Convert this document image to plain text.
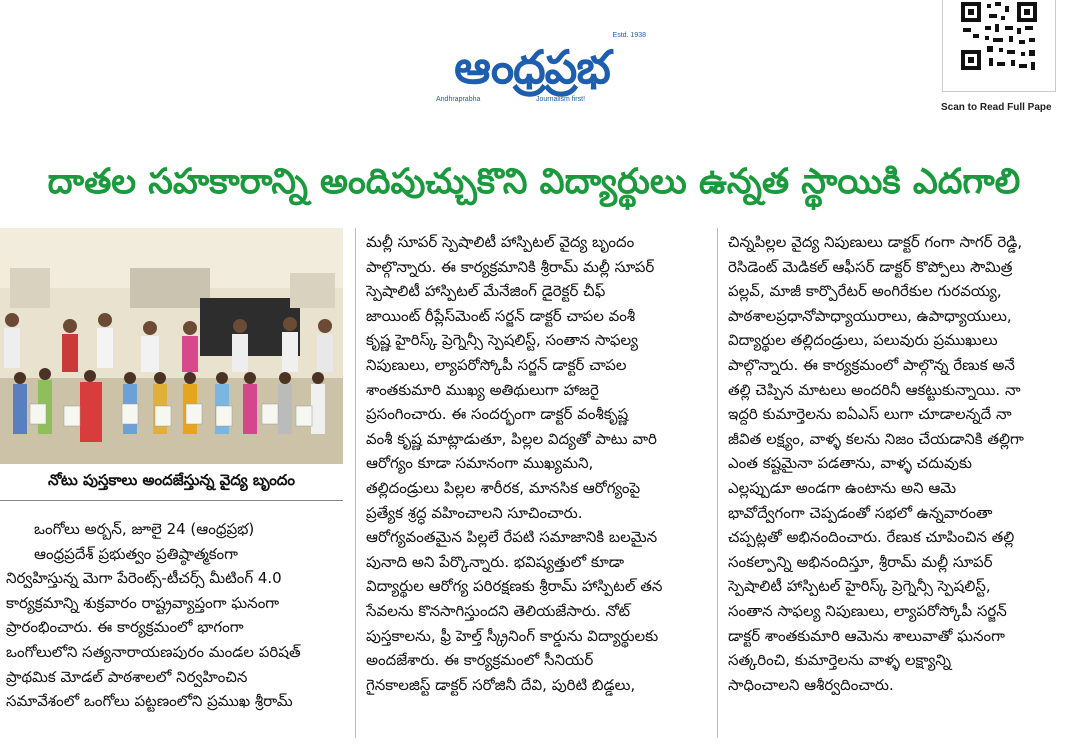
Estd. 1938
ఆంధ్రప్రభ
Andhraprabha	Journalism first!
Scan to Read Full Pape
దాతల సహకారాన్ని అందిపుచ్చుకొని విద్యార్థులు ఉన్నత స్థాయికి ఎదగాలి
నోటు పుస్తకాలు అందజేస్తున్న వైద్య బృందం
ఒంగోలు అర్బన్, జూలై 24 (ఆంధ్రప్రభ)
ఆంధ్రప్రదేశ్ ప్రభుత్వం ప్రతిష్ఠాత్మకంగా
నిర్వహిస్తున్న మెగా పేరెంట్స్-టీచర్స్ మీటింగ్ 4.0
కార్యక్రమాన్ని శుక్రవారం రాష్ట్రవ్యాప్తంగా ఘనంగా
ప్రారంభించారు. ఈ కార్యక్రమంలో భాగంగా
ఒంగోలులోని సత్యనారాయణపురం మండల పరిషత్
ప్రాథమిక మోడల్ పాఠశాలలో నిర్వహించిన
సమావేశంలో ఒంగోలు పట్టణంలోని ప్రముఖ శ్రీరామ్
మల్లీ సూపర్ స్పెషాలిటీ హాస్పిటల్ వైద్య బృందం
పాల్గొన్నారు. ఈ కార్యక్రమానికి శ్రీరామ్ మల్లీ సూపర్
స్పెషాలిటీ హాస్పిటల్ మేనేజింగ్ డైరెక్టర్ చీఫ్
జాయింట్ రీప్లేస్‌మెంట్ సర్జన్ డాక్టర్ చాపల వంశీ
కృష్ణ హైరిస్క్ ప్రెగ్నెన్సీ స్పెషలిస్ట్, సంతాన సాఫల్య
నిపుణులు, ల్యాపరోస్కోపీ సర్జన్ డాక్టర్ చాపల
శాంతకుమారి ముఖ్య అతిథులుగా హాజరై
ప్రసంగించారు. ఈ సందర్భంగా డాక్టర్ వంశీకృష్ణ
వంశీ కృష్ణ మాట్లాడుతూ, పిల్లల విద్యతో పాటు వారి
ఆరోగ్యం కూడా సమానంగా ముఖ్యమని,
తల్లిదండ్రులు పిల్లల శారీరక, మానసిక ఆరోగ్యంపై
ప్రత్యేక శ్రద్ధ వహించాలని సూచించారు.
ఆరోగ్యవంతమైన పిల్లలే రేపటి సమాజానికి బలమైన
పునాది అని పేర్కొన్నారు. భవిష్యత్తులో కూడా
విద్యార్థుల ఆరోగ్య పరిరక్షణకు శ్రీరామ్ హాస్పిటల్ తన
సేవలను కొనసాగిస్తుందని తెలియజేసారు. నోట్
పుస్తకాలను, ఫ్రీ హెల్త్ స్క్రీనింగ్ కార్డును విద్యార్థులకు
అందజేశారు. ఈ కార్యక్రమంలో సీనియర్
గైనకాలజిస్ట్ డాక్టర్ సరోజినీ దేవి, పురిటి బిడ్డలు,
చిన్నపిల్లల వైద్య నిపుణులు డాక్టర్ గంగా సాగర్ రెడ్డి,
రెసిడెంట్ మెడికల్ ఆఫీసర్ డాక్టర్ కొప్పోలు సౌమిత్ర
పల్లవ్, మాజీ కార్పొరేటర్ అంగిరేకుల గురవయ్య,
పాఠశాలప్రధానోపాధ్యాయురాలు, ఉపాధ్యాయులు,
విద్యార్థుల తల్లిదండ్రులు, పలువురు ప్రముఖులు
పాల్గొన్నారు. ఈ కార్యక్రమంలో పాల్గొన్న రేణుక అనే
తల్లి చెప్పిన మాటలు అందరినీ ఆకట్టుకున్నాయి. నా
ఇద్దరి కుమార్తెలను ఐఏఎస్ లుగా చూడాలన్నదే నా
జీవిత లక్ష్యం, వాళ్ళ కలను నిజం చేయడానికి తల్లిగా
ఎంత కష్టమైనా పడతాను, వాళ్ళ చదువుకు
ఎల్లప్పుడూ అండగా ఉంటాను అని ఆమె
భావోద్వేగంగా చెప్పడంతో సభలో ఉన్నవారంతా
చప్పట్లతో అభినందించారు. రేణుక చూపించిన తల్లి
సంకల్పాన్ని అభినందిస్తూ, శ్రీరామ్ మల్లీ సూపర్
స్పెషాలిటీ హాస్పిటల్ హైరిస్క్ ప్రెగ్నెన్సీ స్పెషలిస్ట్,
సంతాన సాఫల్య నిపుణులు, ల్యాపరోస్కోపీ సర్జన్
డాక్టర్ శాంతకుమారి ఆమెను శాలువాతో ఘనంగా
సత్కరించి, కుమార్తెలను వాళ్ళ లక్ష్యాన్ని
సాధించాలని ఆశీర్వదించారు.
